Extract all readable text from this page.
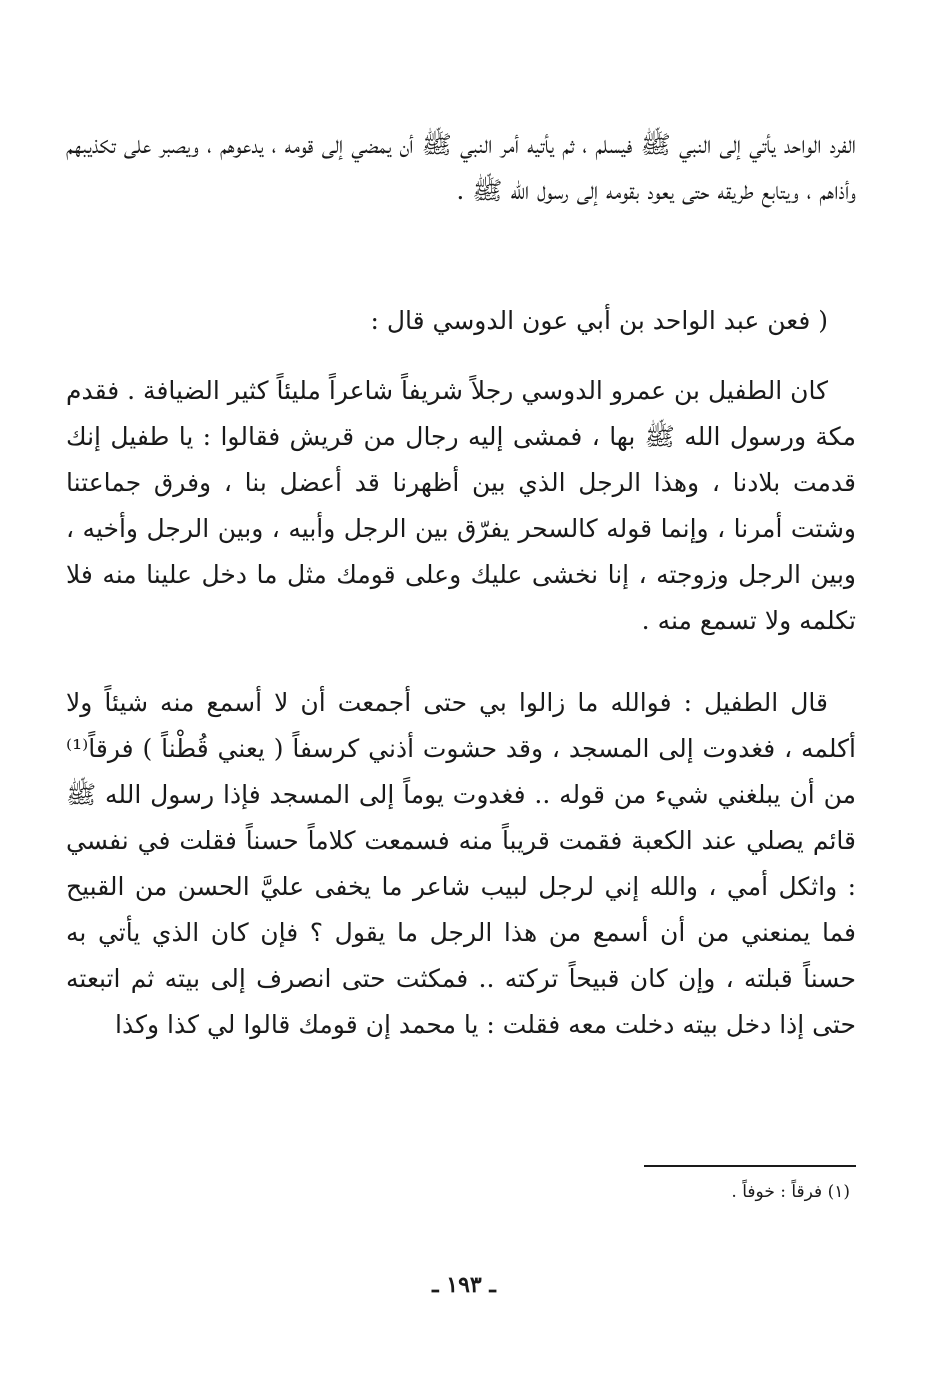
الفرد الواحد يأتي إلى النبي ﷺ فيسلم ، ثم يأتيه أمر النبي ﷺ أن يمضي إلى قومه ، يدعوهم ، ويصبر على تكذيبهم وأذاهم ، ويتابع طريقه حتى يعود بقومه إلى رسول الله ﷺ .

( فعن عبد الواحد بن أبي عون الدوسي قال :

كان الطفيل بن عمرو الدوسي رجلاً شريفاً شاعراً مليئاً كثير الضيافة . فقدم مكة ورسول الله ﷺ بها ، فمشى إليه رجال من قريش فقالوا : يا طفيل إنك قدمت بلادنا ، وهذا الرجل الذي بين أظهرنا قد أعضل بنا ، وفرق جماعتنا وشتت أمرنا ، وإنما قوله كالسحر يفرّق بين الرجل وأبيه ، وبين الرجل وأخيه ، وبين الرجل وزوجته ، إنا نخشى عليك وعلى قومك مثل ما دخل علينا منه فلا تكلمه ولا تسمع منه .

قال الطفيل : فوالله ما زالوا بي حتى أجمعت أن لا أسمع منه شيئاً ولا أكلمه ، فغدوت إلى المسجد ، وقد حشوت أذني كرسفاً ( يعني قُطْناً ) فرقاً⁽¹⁾ من أن يبلغني شيء من قوله .. فغدوت يوماً إلى المسجد فإذا رسول الله ﷺ قائم يصلي عند الكعبة فقمت قريباً منه فسمعت كلاماً حسناً فقلت في نفسي : واثكل أمي ، والله إني لرجل لبيب شاعر ما يخفى عليَّ الحسن من القبيح فما يمنعني من أن أسمع من هذا الرجل ما يقول ؟ فإن كان الذي يأتي به حسناً قبلته ، وإن كان قبيحاً تركته .. فمكثت حتى انصرف إلى بيته ثم اتبعته حتى إذا دخل بيته دخلت معه فقلت : يا محمد إن قومك قالوا لي كذا وكذا

(١) فرقاً : خوفاً .
ـ ١٩٣ ـ
